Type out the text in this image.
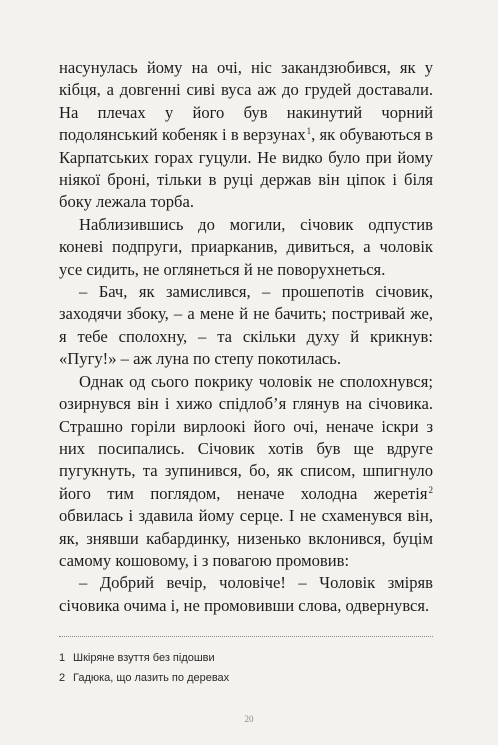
насунулась йому на очі, ніс закандзюбився, як у кібця, а довгенні сиві вуса аж до грудей доставали. На плечах у його був накинутий чорний подолянський кобеняк і в верзунах$^1$, як обуваються в Карпатських горах гуцули. Не видко було при йому ніякої броні, тільки в руці держав він ціпок і біля боку лежала торба.

Наблизившись до могили, січовик одпустив коневі подпруги, приарканив, дивиться, а чоловік усе сидить, не оглянеться й не поворухнеться.

– Бач, як замислився, – прошепотів січовик, заходячи збоку, – а мене й не бачить; постривай же, я тебе сполохну, – та скільки духу й крикнув: «Пугу!» – аж луна по степу покотилась.

Однак од сього покрику чоловік не сполохнувся; озирнувся він і хижо спідлоб’я глянув на січовика. Страшно горіли вирлоокі його очі, неначе іскри з них посипались. Січовик хотів був ще вдруге пугукнуть, та зупинився, бо, як списом, шпигнуло його тим поглядом, неначе холодна жеретія$^2$ обвилась і здавила йому серце. І не схаменувся він, як, знявши кабардинку, низенько вклонився, буцім самому кошовому, і з повагою промовив:

– Добрий вечір, чоловіче! – Чоловік зміряв січовика очима і, не промовивши слова, одвернувся.

1 Шкіряне взуття без підошви
2 Гадюка, що лазить по деревах
20
